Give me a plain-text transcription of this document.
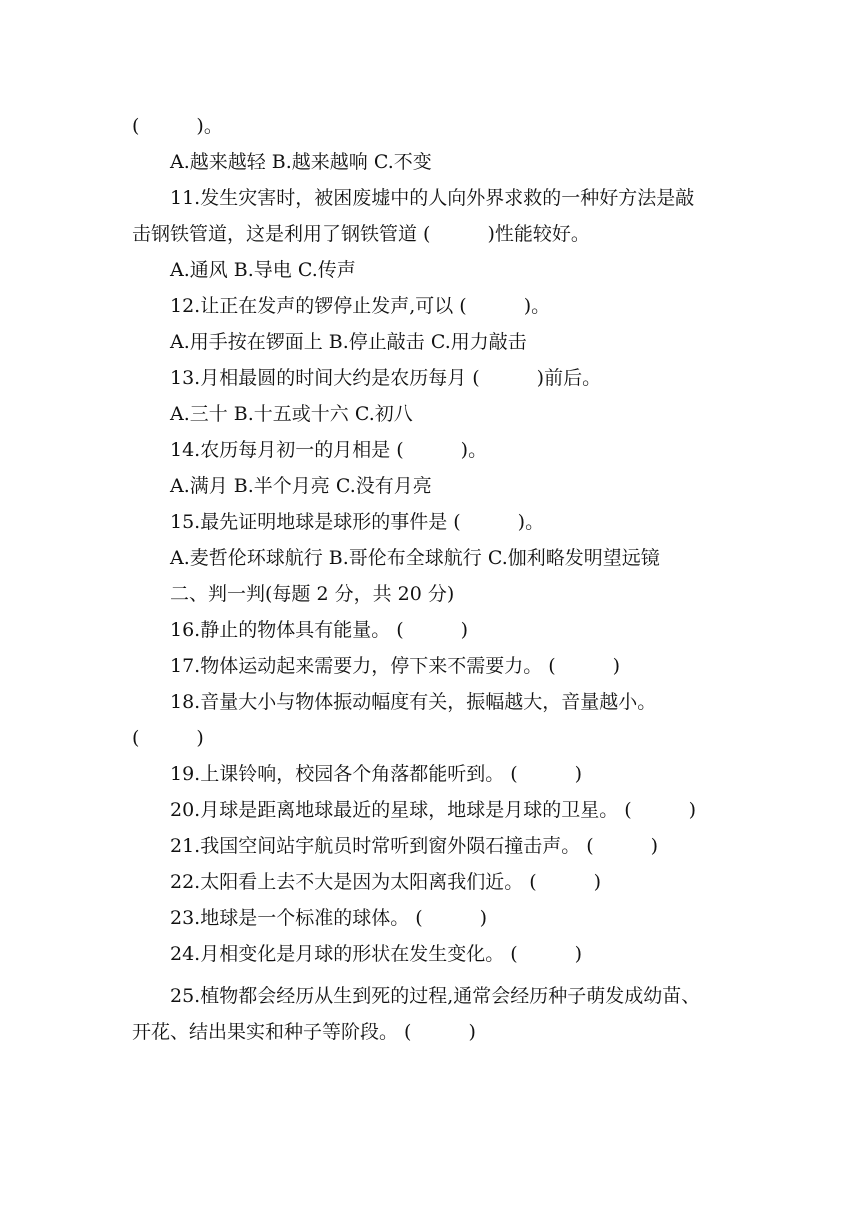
(　　　)。
A.越来越轻 B.越来越响 C.不变
11.发生灾害时，被困废墟中的人向外界求救的一种好方法是敲
击钢铁管道，这是利用了钢铁管道 (　　　)性能较好。
A.通风 B.导电 C.传声
12.让正在发声的锣停止发声,可以 (　　　)。
A.用手按在锣面上 B.停止敲击 C.用力敲击
13.月相最圆的时间大约是农历每月 (　　　)前后。
A.三十 B.十五或十六 C.初八
14.农历每月初一的月相是 (　　　)。
A.满月 B.半个月亮 C.没有月亮
15.最先证明地球是球形的事件是 (　　　)。
A.麦哲伦环球航行 B.哥伦布全球航行 C.伽利略发明望远镜
二、判一判(每题 2 分，共 20 分)
16.静止的物体具有能量。 (　　　)
17.物体运动起来需要力，停下来不需要力。 (　　　)
18.音量大小与物体振动幅度有关，振幅越大，音量越小。
(　　　)
19.上课铃响，校园各个角落都能听到。 (　　　)
20.月球是距离地球最近的星球，地球是月球的卫星。 (　　　)
21.我国空间站宇航员时常听到窗外陨石撞击声。 (　　　)
22.太阳看上去不大是因为太阳离我们近。 (　　　)
23.地球是一个标准的球体。 (　　　)
24.月相变化是月球的形状在发生变化。 (　　　)
25.植物都会经历从生到死的过程,通常会经历种子萌发成幼苗、
开花、结出果实和种子等阶段。 (　　　)
